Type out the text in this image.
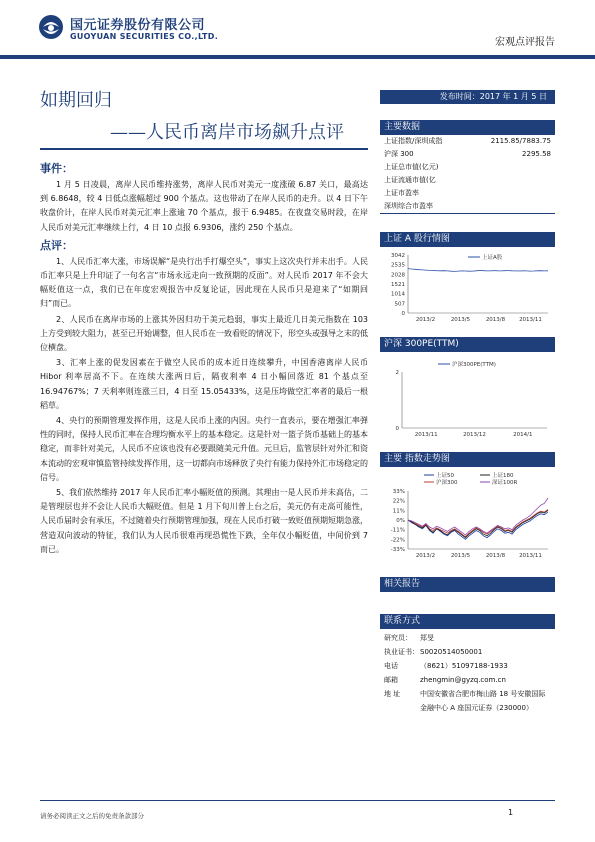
国元证券股份有限公司
GUOYUAN SECURITIES CO.,LTD.
宏观点评报告
如期回归
——人民币离岸市场飙升点评
事件：

1 月 5 日凌晨，离岸人民币维持涨势，离岸人民币对美元一度涨破 6.87 关口，最高达到 6.8648，较 4 日低点涨幅超过 900 个基点。这也带动了在岸人民币的走升。以 4 日下午收盘价计，在岸人民币对美元汇率上涨逾 70 个基点，报于 6.9485。在夜盘交易时段，在岸人民币对美元汇率继续上行，4 日 10 点报 6.9306，涨约 250 个基点。

点评：

1、人民币汇率大涨，市场误解“是央行出手打爆空头”，事实上这次央行并未出手。人民币汇率只是上升印证了一句名言“市场永远走向一致预期的反面”。对人民币 2017 年不会大幅贬值这一点，我们已在年度宏观报告中反复论证，因此现在人民币只是迎来了“如期回归”而已。

2、人民币在离岸市场的上涨其外因归功于美元趋弱，事实上最近几日美元指数在 103 上方受到较大阻力，甚至已开始调整，但人民币在一致看贬的情况下，形空头或强导之末的低位横盘。

3、汇率上涨的促发因素在于做空人民币的成本近日连续攀升，中国香港离岸人民币 Hibor 利率居高不下。在连续大涨两日后，隔夜利率 4 日小幅回落近 81 个基点至 16.94767%；7 天利率则连涨三日，4 日至 15.05433%，这是压垮做空汇率者的最后一根稻草。

4、央行的预期管理发挥作用，这是人民币上涨的内因。央行一直表示，要在增强汇率弹性的同时，保持人民币汇率在合理均衡水平上的基本稳定。这是针对一篮子货币基础上的基本稳定，而非针对美元，人民币不应该也没有必要跟随美元升值。元旦后，监管层针对外汇和资本流动的宏观审慎监管持续发挥作用，这一切都向市场释放了央行有能力保持外汇市场稳定的信号。

5、我们依然维持 2017 年人民币汇率小幅贬值的预测。其理由一是人民币并未高估，二是管理层也并不会让人民币大幅贬值。但是 1 月下旬川普上台之后，美元仍有走高可能性，人民币届时会有承压，不过随着央行预期管理加强，现在人民币打破一致贬值预期短期急涨，营造双向波动的特征，我们认为人民币很难再现恐慌性下跌，全年仅小幅贬值，中间价到 7 而已。

发布时间：2017 年 1 月 5 日
主要数据
上证指数/深圳成指	2115.85/7883.75
沪深 300	2295.58
上证总市值(亿元)
上证流通市值(亿
上证市盈率
深圳综合市盈率
上证 A 股行情图
3042
2535
2028
1521
1014
507
0
2013/2	2013/5	2013/8	2013/11
上证A股
沪深 300PE(TTM)
2
0
2013/11	2013/12	2014/1
沪深300PE(TTM)
主要 指数走势图
33%
22%
11%
0%
-11%
-22%
-33%
2013/2	2013/5	2013/8	2013/11
上证50
沪深300
上证180
深证100R
相关报告
联系方式
研究员：	郑旻
执业证书： S0020514050001
电话	（8621）51097188-1933
邮箱	zhengmin@gyzq.com.cn
地 址	中国安徽省合肥市梅山路 18 号安徽国际金融中心 A 座国元证券（230000）
请务必阅读正文之后的免责条款部分	1
